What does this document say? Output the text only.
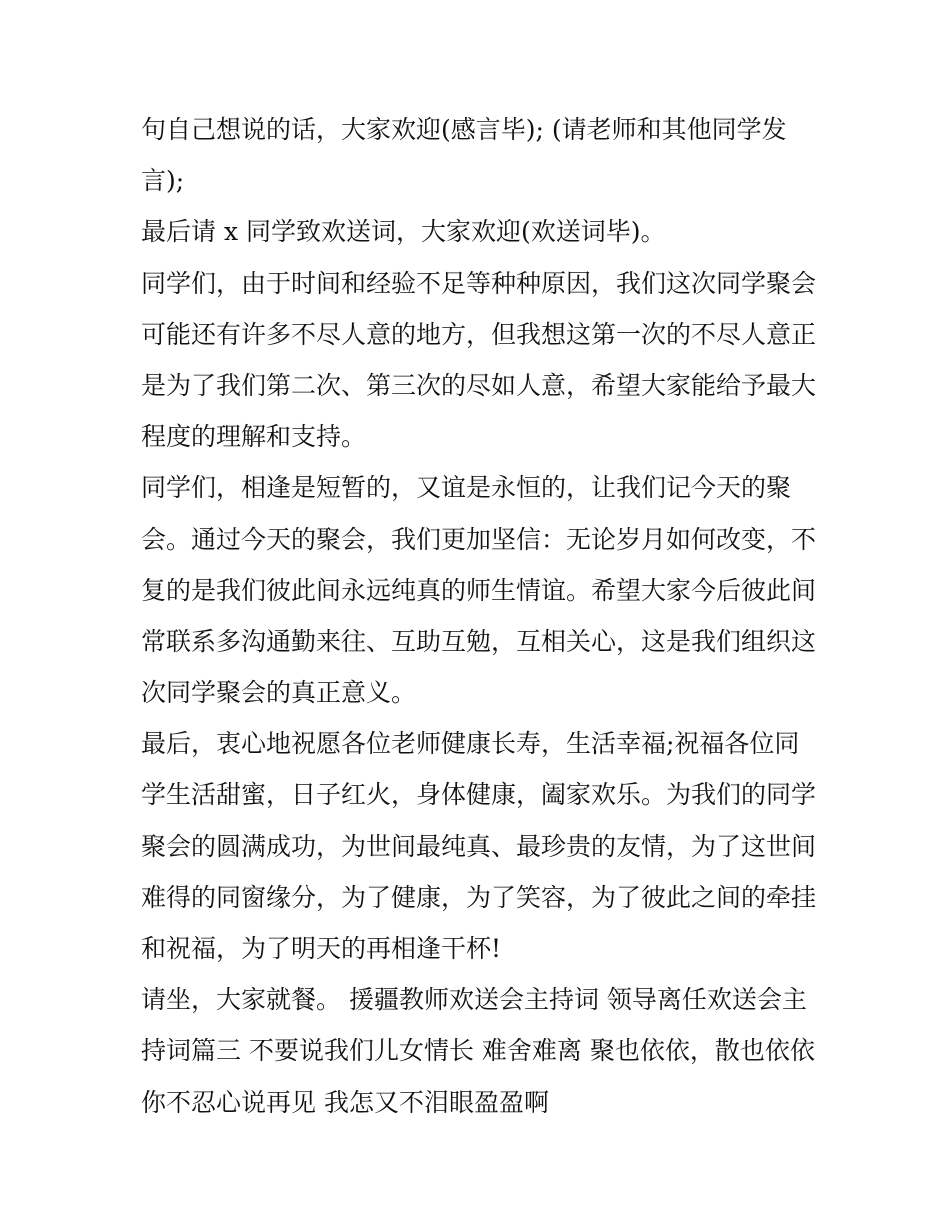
句自己想说的话，大家欢迎(感言毕); (请老师和其他同学发
言);
最后请 x 同学致欢送词，大家欢迎(欢送词毕)。
同学们，由于时间和经验不足等种种原因，我们这次同学聚会
可能还有许多不尽人意的地方，但我想这第一次的不尽人意正
是为了我们第二次、第三次的尽如人意，希望大家能给予最大
程度的理解和支持。
同学们，相逢是短暂的，又谊是永恒的，让我们记今天的聚
会。通过今天的聚会，我们更加坚信：无论岁月如何改变，不
复的是我们彼此间永远纯真的师生情谊。希望大家今后彼此间
常联系多沟通勤来往、互助互勉，互相关心，这是我们组织这
次同学聚会的真正意义。
最后，衷心地祝愿各位老师健康长寿，生活幸福;祝福各位同
学生活甜蜜，日子红火，身体健康，阖家欢乐。为我们的同学
聚会的圆满成功，为世间最纯真、最珍贵的友情，为了这世间
难得的同窗缘分，为了健康，为了笑容，为了彼此之间的牵挂
和祝福，为了明天的再相逢干杯!
请坐，大家就餐。 援疆教师欢送会主持词 领导离任欢送会主
持词篇三 不要说我们儿女情长 难舍难离 聚也依依，散也依依
你不忍心说再见 我怎又不泪眼盈盈啊
